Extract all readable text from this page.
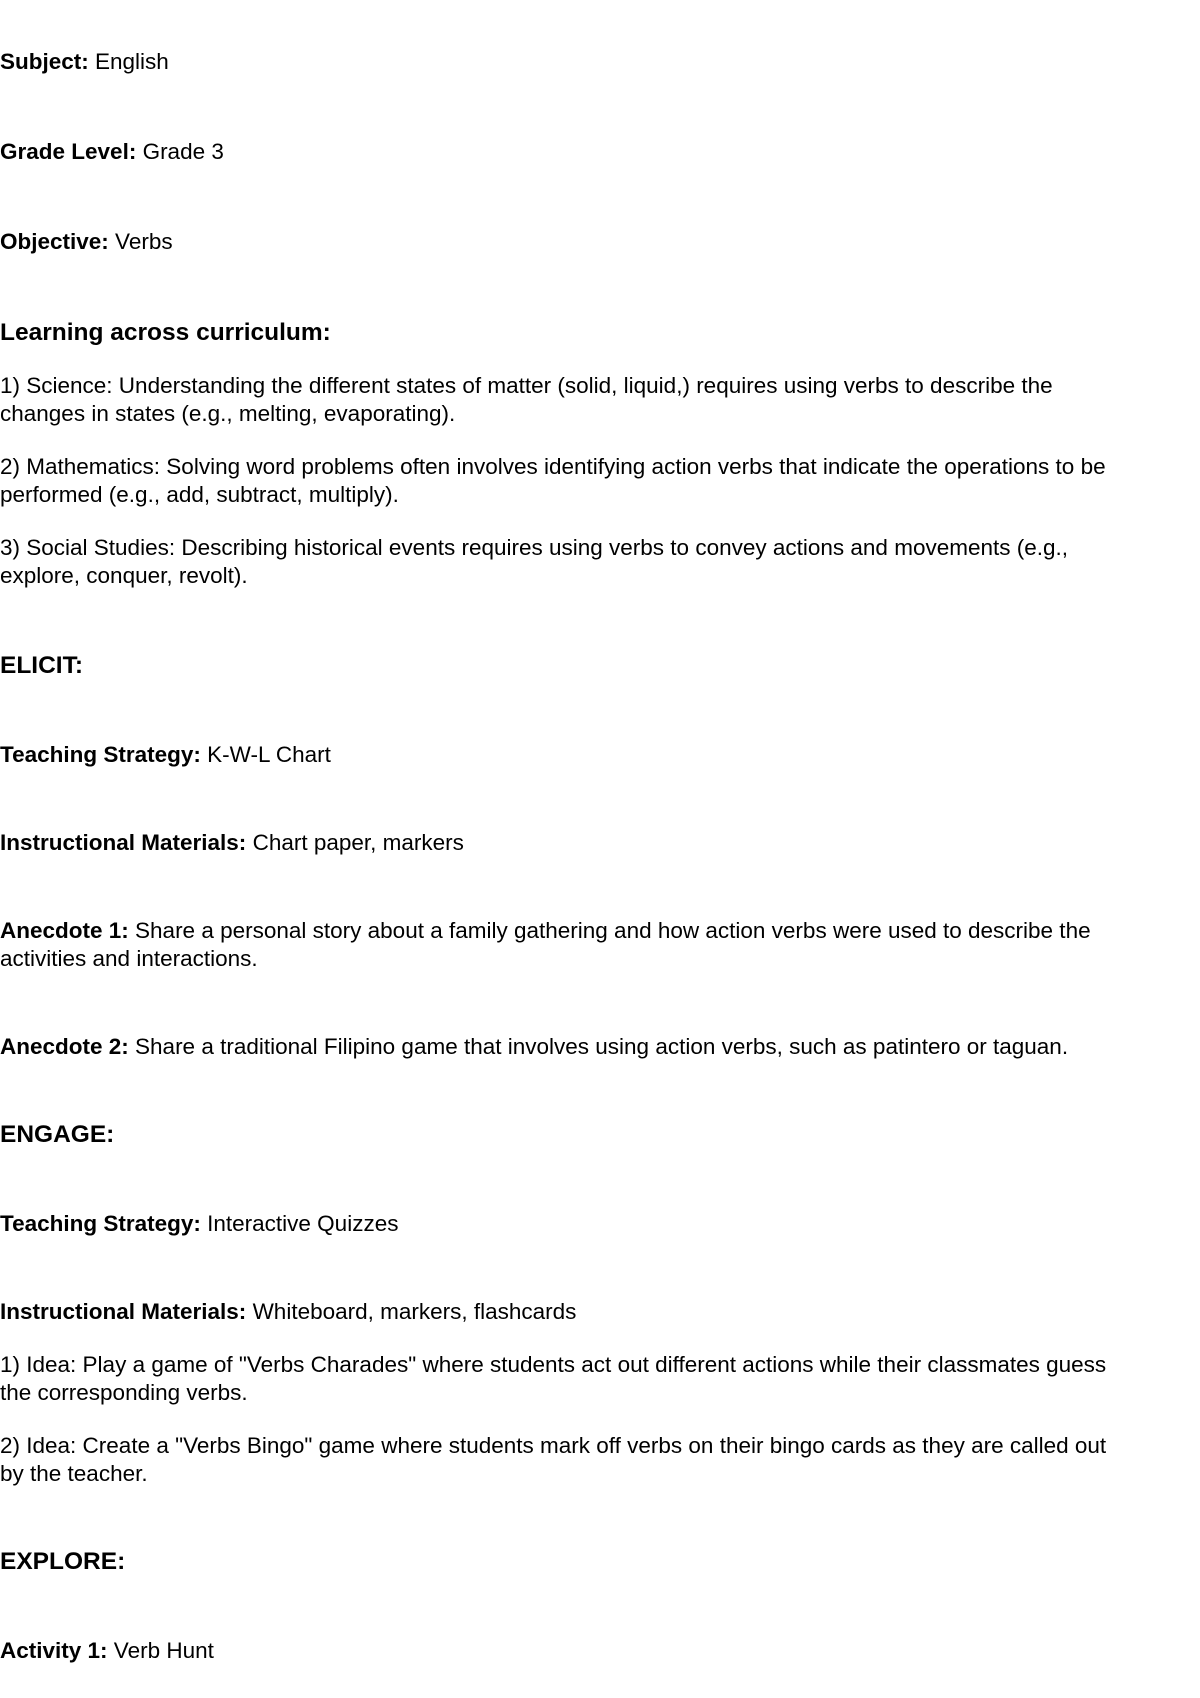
Subject: English

Grade Level: Grade 3

Objective: Verbs

Learning across curriculum:

1) Science: Understanding the different states of matter (solid, liquid,) requires using verbs to describe the
changes in states (e.g., melting, evaporating).
2) Mathematics: Solving word problems often involves identifying action verbs that indicate the operations to be
performed (e.g., add, subtract, multiply).
3) Social Studies: Describing historical events requires using verbs to convey actions and movements (e.g.,
explore, conquer, revolt).

ELICIT:

Teaching Strategy: K-W-L Chart

Instructional Materials: Chart paper, markers

Anecdote 1: Share a personal story about a family gathering and how action verbs were used to describe the
activities and interactions.

Anecdote 2: Share a traditional Filipino game that involves using action verbs, such as patintero or taguan.

ENGAGE:

Teaching Strategy: Interactive Quizzes

Instructional Materials: Whiteboard, markers, flashcards

1) Idea: Play a game of "Verbs Charades" where students act out different actions while their classmates guess
the corresponding verbs.
2) Idea: Create a "Verbs Bingo" game where students mark off verbs on their bingo cards as they are called out
by the teacher.

EXPLORE:

Activity 1: Verb Hunt
